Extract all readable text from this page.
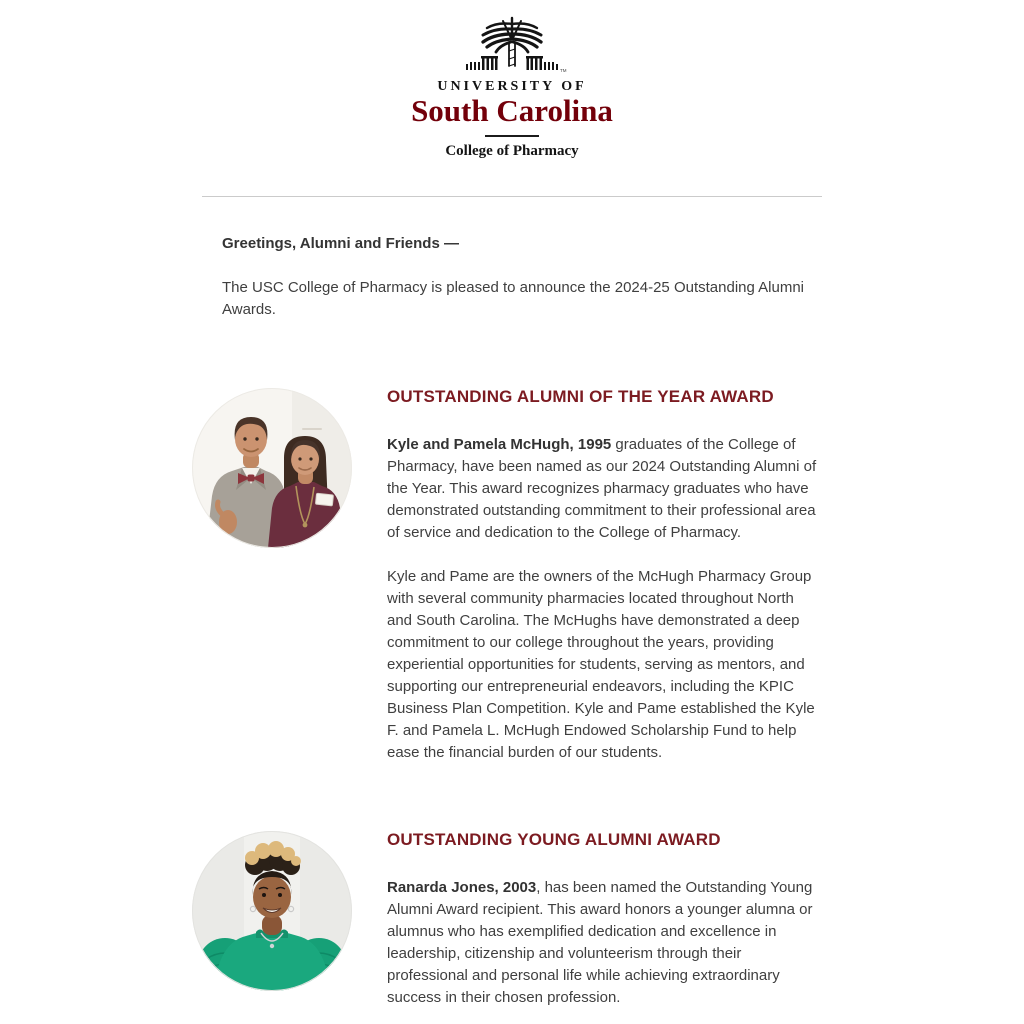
TM
UNIVERSITY OF
South Carolina
College of Pharmacy

Greetings, Alumni and Friends —

The USC College of Pharmacy is pleased to announce the 2024-25 Outstanding Alumni Awards.

OUTSTANDING ALUMNI OF THE YEAR AWARD

Kyle and Pamela McHugh, 1995 graduates of the College of Pharmacy, have been named as our 2024 Outstanding Alumni of the Year. This award recognizes pharmacy graduates who have demonstrated outstanding commitment to their professional area of service and dedication to the College of Pharmacy.

Kyle and Pame are the owners of the McHugh Pharmacy Group with several community pharmacies located throughout North and South Carolina. The McHughs have demonstrated a deep commitment to our college throughout the years, providing experiential opportunities for students, serving as mentors, and supporting our entrepreneurial endeavors, including the KPIC Business Plan Competition. Kyle and Pame established the Kyle F. and Pamela L. McHugh Endowed Scholarship Fund to help ease the financial burden of our students.

OUTSTANDING YOUNG ALUMNI AWARD

Ranarda Jones, 2003, has been named the Outstanding Young Alumni Award recipient. This award honors a younger alumna or alumnus who has exemplified dedication and excellence in leadership, citizenship and volunteerism through their professional and personal life while achieving extraordinary success in their chosen profession.
